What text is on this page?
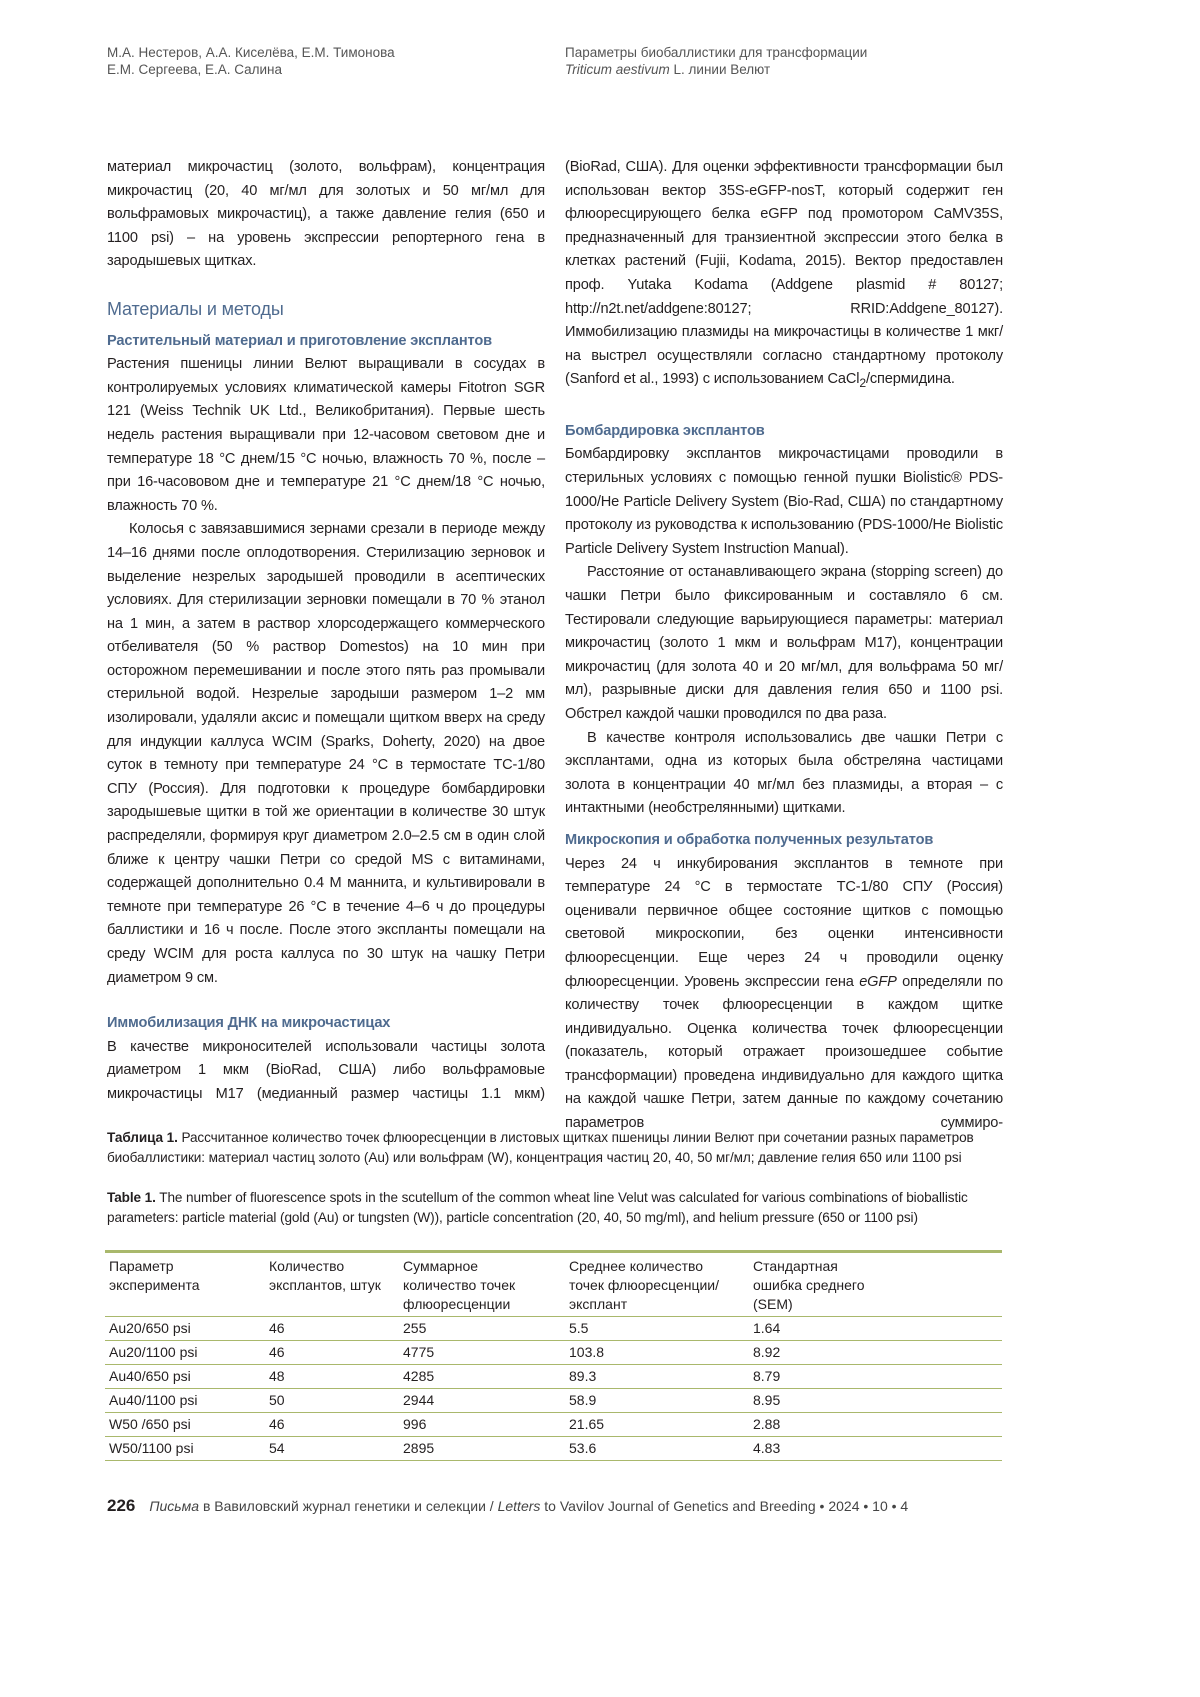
М.А. Нестеров, А.А. Киселёва, Е.М. Тимонова
Е.М. Сергеева, Е.А. Салина
Параметры биобаллистики для трансформации
Triticum aestivum L. линии Велют

материал микрочастиц (золото, вольфрам), концентрация микрочастиц (20, 40 мг/мл для золотых и 50 мг/мл для вольфрамовых микрочастиц), а также давление гелия (650 и 1100 psi) – на уровень экспрессии репортерного гена в зародышевых щитках.

Материалы и методы
Растительный материал и приготовление эксплантов

Растения пшеницы линии Велют выращивали в сосудах в контролируемых условиях климатической камеры Fitotron SGR 121 (Weiss Technik UK Ltd., Великобритания). Первые шесть недель растения выращивали при 12-часовом световом дне и температуре 18 °C днем/15 °C ночью, влажность 70 %, после – при 16-часововом дне и температуре 21 °C днем/18 °C ночью, влажность 70 %.

Колосья с завязавшимися зернами срезали в периоде между 14–16 днями после оплодотворения. Стерилизацию зерновок и выделение незрелых зародышей проводили в асептических условиях. Для стерилизации зерновки помещали в 70 % этанол на 1 мин, а затем в раствор хлорсодержащего коммерческого отбеливателя (50 % раствор Domestos) на 10 мин при осторожном перемешивании и после этого пять раз промывали стерильной водой. Незрелые зародыши размером 1–2 мм изолировали, удаляли аксис и помещали щитком вверх на среду для индукции каллуса WCIM (Sparks, Doherty, 2020) на двое суток в темноту при температуре 24 °C в термостате ТС-1/80 СПУ (Россия). Для подготовки к процедуре бомбардировки зародышевые щитки в той же ориентации в количестве 30 штук распределяли, формируя круг диаметром 2.0–2.5 см в один слой ближе к центру чашки Петри со средой MS с витаминами, содержащей дополнительно 0.4 М маннита, и культивировали в темноте при температуре 26 °C в течение 4–6 ч до процедуры баллистики и 16 ч после. После этого экспланты помещали на среду WCIM для роста каллуса по 30 штук на чашку Петри диаметром 9 см.

Иммобилизация ДНК на микрочастицах

В качестве микроносителей использовали частицы золота диаметром 1 мкм (BioRad, США) либо вольфрамовые микрочастицы M17 (медианный размер частицы 1.1 мкм)

(BioRad, США). Для оценки эффективности трансформации был использован вектор 35S-eGFP-nosT, который содержит ген флюоресцирующего белка eGFP под промотором CaMV35S, предназначенный для транзиентной экспрессии этого белка в клетках растений (Fujii, Kodama, 2015). Вектор предоставлен проф. Yutaka Kodama (Addgene plasmid # 80127; http://n2t.net/addgene:80127; RRID:Addgene_80127). Иммобилизацию плазмиды на микрочастицы в количестве 1 мкг/на выстрел осуществляли согласно стандартному протоколу (Sanford et al., 1993) с использованием CaCl2/спермидина.

Бомбардировка эксплантов

Бомбардировку эксплантов микрочастицами проводили в стерильных условиях с помощью генной пушки Biolistic® PDS-1000/He Particle Delivery System (Bio-Rad, США) по стандартному протоколу из руководства к использованию (PDS-1000/He Biolistic Particle Delivery System Instruction Manual).

Расстояние от останавливающего экрана (stopping screen) до чашки Петри было фиксированным и составляло 6 см. Тестировали следующие варьирующиеся параметры: материал микрочастиц (золото 1 мкм и вольфрам M17), концентрации микрочастиц (для золота 40 и 20 мг/мл, для вольфрама 50 мг/мл), разрывные диски для давления гелия 650 и 1100 psi. Обстрел каждой чашки проводился по два раза.

В качестве контроля использовались две чашки Петри с эксплантами, одна из которых была обстреляна частицами золота в концентрации 40 мг/мл без плазмиды, а вторая – с интактными (необстрелянными) щитками.

Микроскопия и обработка полученных результатов

Через 24 ч инкубирования эксплантов в темноте при температуре 24 °C в термостате ТС-1/80 СПУ (Россия) оценивали первичное общее состояние щитков с помощью световой микроскопии, без оценки интенсивности флюоресценции. Еще через 24 ч проводили оценку флюоресценции. Уровень экспрессии гена eGFP определяли по количеству точек флюоресценции в каждом щитке индивидуально. Оценка количества точек флюоресценции (показатель, который отражает произошедшее событие трансформации) проведена индивидуально для каждого щитка на каждой чашке Петри, затем данные по каждому сочетанию параметров суммиро-

Таблица 1. Рассчитанное количество точек флюоресценции в листовых щитках пшеницы линии Велют при сочетании разных параметров биобаллистики: материал частиц золото (Au) или вольфрам (W), концентрация частиц 20, 40, 50 мг/мл; давление гелия 650 или 1100 psi
Table 1. The number of fluorescence spots in the scutellum of the common wheat line Velut was calculated for various combinations of bioballistic parameters: particle material (gold (Au) or tungsten (W)), particle concentration (20, 40, 50 mg/ml), and helium pressure (650 or 1100 psi)
Параметр эксперимента	Количество эксплантов, штук	Суммарное количество точек флюоресценции	Среднее количество точек флюоресценции/эксплант	Стандартная ошибка среднего (SEM)
Au20/650 psi	46	255	5.5	1.64
Au20/1100 psi	46	4775	103.8	8.92
Au40/650 psi	48	4285	89.3	8.79
Au40/1100 psi	50	2944	58.9	8.95
W50 /650 psi	46	996	21.65	2.88
W50/1100 psi	54	2895	53.6	4.83
226 Письма в Вавиловский журнал генетики и селекции / Letters to Vavilov Journal of Genetics and Breeding • 2024 • 10 • 4
